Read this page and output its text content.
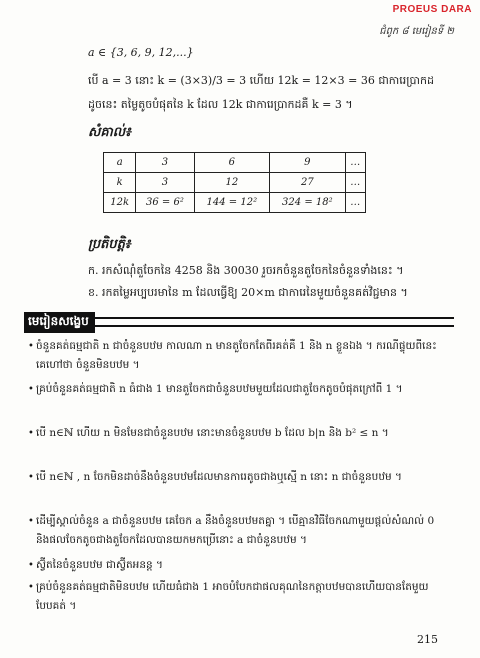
PROEUS DARA
ជំពូក ៨ មេរៀនទី ២
a ∈ {3, 6, 9, 12,...}
បើ a = 3 នោះ k = (3×3)/3 = 3 ហើយ 12k = 12×3 = 36 ជាការេប្រាកដ
ដូចនេះ តម្លៃតូចបំផុតនៃ k ដែល 12k ជាការេប្រាកដគឺ k = 3 ។
សំគាល់៖
a	3	6	9	…
k	3	12	27	…
12k	36 = 6²	144 = 12²	324 = 18²	…
ប្រតិបត្តិ៖
ក. រកសំណុំតួចែកនៃ 4258 និង 30030 រួចរកចំនួនតួចែកនៃចំនួនទាំងនេះ ។
ខ. រកតម្លៃអប្បបរមានៃ m ដែលធ្វើឱ្យ 20×m ជាការេនៃមួយចំនួនគត់វិជ្ជមាន ។
មេរៀនសង្ខេប
• ចំនួនគត់ធម្មជាតិ n ជាចំនួនបឋម កាលណា n មានតួចែកតែពីរគត់គឺ 1 និង n ខ្លួនឯង ។ ករណីផ្ទុយពីនេះ គេហៅថា ចំនួនមិនបឋម ។
• គ្រប់ចំនួនគត់ធម្មជាតិ n ធំជាង 1 មានតួចែកជាចំនួនបឋមមួយដែលជាតួចែកតូចបំផុតក្រៅពី 1 ។
• បើ n∈ℕ ហើយ n មិនមែនជាចំនួនបឋម នោះមានចំនួនបឋម b ដែល b|n និង b² ≤ n ។
• បើ n∈ℕ , n ចែកមិនដាច់នឹងចំនួនបឋមដែលមានការេតូចជាងឬស្មើ n នោះ n ជាចំនួនបឋម ។
• ដើម្បីស្គាល់ចំនួន a ជាចំនួនបឋម គេចែក a នឹងចំនួនបឋមតគ្នា ។ បើគ្មានវិធីចែកណាមួយផ្តល់សំណល់ 0 និងផលចែកតូចជាងតួចែកដែលបានយកមកប្រើនោះ a ជាចំនួនបឋម ។
• ស្វ៊ីតនៃចំនួនបឋម ជាស្វ៊ីតអនន្ត ។
• គ្រប់ចំនួនគត់ធម្មជាតិមិនបឋម ហើយធំជាង 1 អាចបំបែកជាផលគុណនៃកត្តាបឋមបានហើយបានតែមួយបែបគត់ ។
215
